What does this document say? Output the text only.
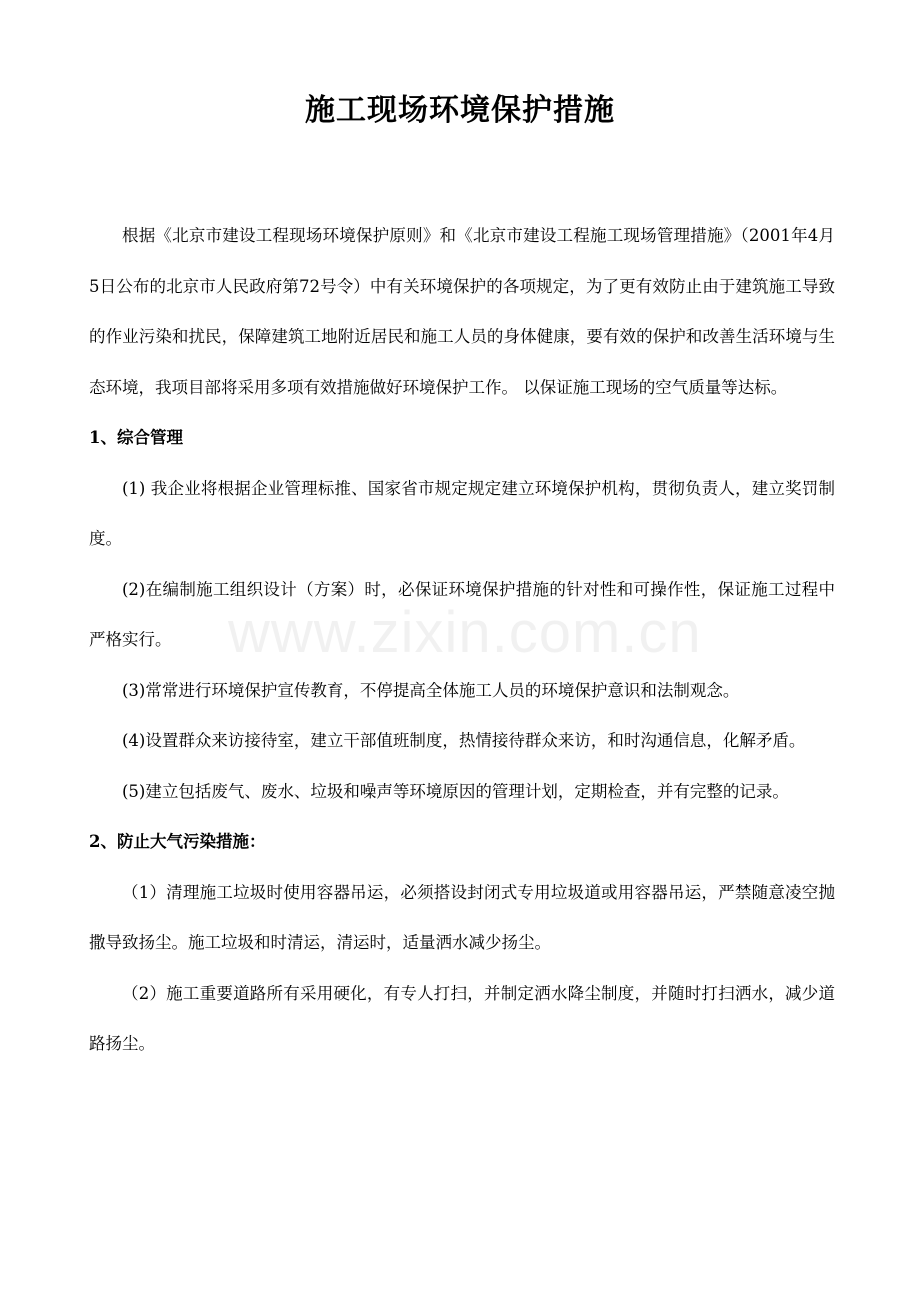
www.zixin.com.cn
施工现场环境保护措施

根据《北京市建设工程现场环境保护原则》和《北京市建设工程施工现场管理措施》（2001年4月5日公布的北京市人民政府第72号令）中有关环境保护的各项规定，为了更有效防止由于建筑施工导致的作业污染和扰民，保障建筑工地附近居民和施工人员的身体健康，要有效的保护和改善生活环境与生态环境，我项目部将采用多项有效措施做好环境保护工作。 以保证施工现场的空气质量等达标。

1、综合管理

(1) 我企业将根据企业管理标推、国家省市规定规定建立环境保护机构，贯彻负责人，建立奖罚制度。

(2)在编制施工组织设计（方案）时，必保证环境保护措施的针对性和可操作性，保证施工过程中严格实行。

(3)常常进行环境保护宣传教育，不停提高全体施工人员的环境保护意识和法制观念。

(4)设置群众来访接待室，建立干部值班制度，热情接待群众来访，和时沟通信息，化解矛盾。

(5)建立包括废气、废水、垃圾和噪声等环境原因的管理计划，定期检查，并有完整的记录。

2、防止大气污染措施：

（1）清理施工垃圾时使用容器吊运，必须搭设封闭式专用垃圾道或用容器吊运，严禁随意凌空抛撒导致扬尘。施工垃圾和时清运，清运时，适量洒水减少扬尘。

（2）施工重要道路所有采用硬化，有专人打扫，并制定洒水降尘制度，并随时打扫洒水，减少道路扬尘。
